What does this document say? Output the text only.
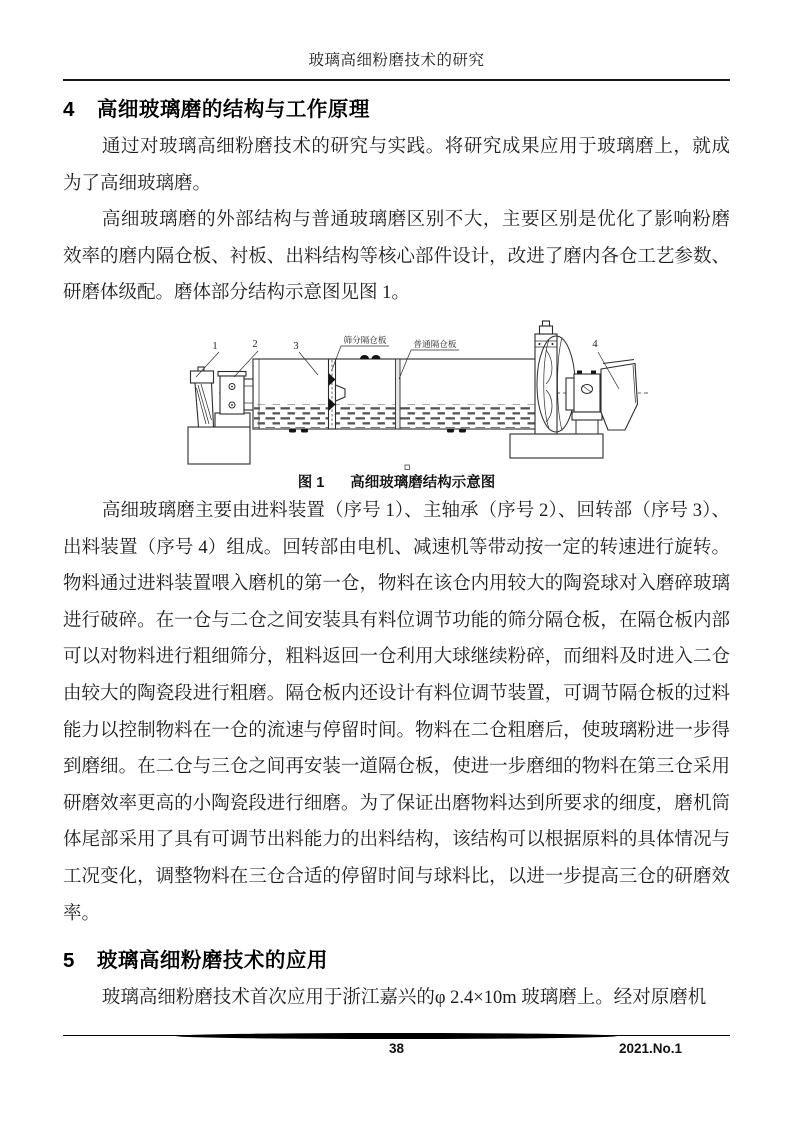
玻璃高细粉磨技术的研究
4 高细玻璃磨的结构与工作原理

通过对玻璃高细粉磨技术的研究与实践。将研究成果应用于玻璃磨上，就成为了高细玻璃磨。

高细玻璃磨的外部结构与普通玻璃磨区别不大，主要区别是优化了影响粉磨效率的磨内隔仓板、衬板、出料结构等核心部件设计，改进了磨内各仓工艺参数、研磨体级配。磨体部分结构示意图见图 1。

1	2	3	4
筛分隔仓板	普通隔仓板
图 1 高细玻璃磨结构示意图

高细玻璃磨主要由进料装置（序号 1）、主轴承（序号 2）、回转部（序号 3）、出料装置（序号 4）组成。回转部由电机、减速机等带动按一定的转速进行旋转。物料通过进料装置喂入磨机的第一仓，物料在该仓内用较大的陶瓷球对入磨碎玻璃进行破碎。在一仓与二仓之间安装具有料位调节功能的筛分隔仓板，在隔仓板内部可以对物料进行粗细筛分，粗料返回一仓利用大球继续粉碎，而细料及时进入二仓由较大的陶瓷段进行粗磨。隔仓板内还设计有料位调节装置，可调节隔仓板的过料能力以控制物料在一仓的流速与停留时间。物料在二仓粗磨后，使玻璃粉进一步得到磨细。在二仓与三仓之间再安装一道隔仓板，使进一步磨细的物料在第三仓采用研磨效率更高的小陶瓷段进行细磨。为了保证出磨物料达到所要求的细度，磨机筒体尾部采用了具有可调节出料能力的出料结构，该结构可以根据原料的具体情况与工况变化，调整物料在三仓合适的停留时间与球料比，以进一步提高三仓的研磨效率。

5 玻璃高细粉磨技术的应用

玻璃高细粉磨技术首次应用于浙江嘉兴的φ 2.4×10m 玻璃磨上。经对原磨机

38	2021.No.1
